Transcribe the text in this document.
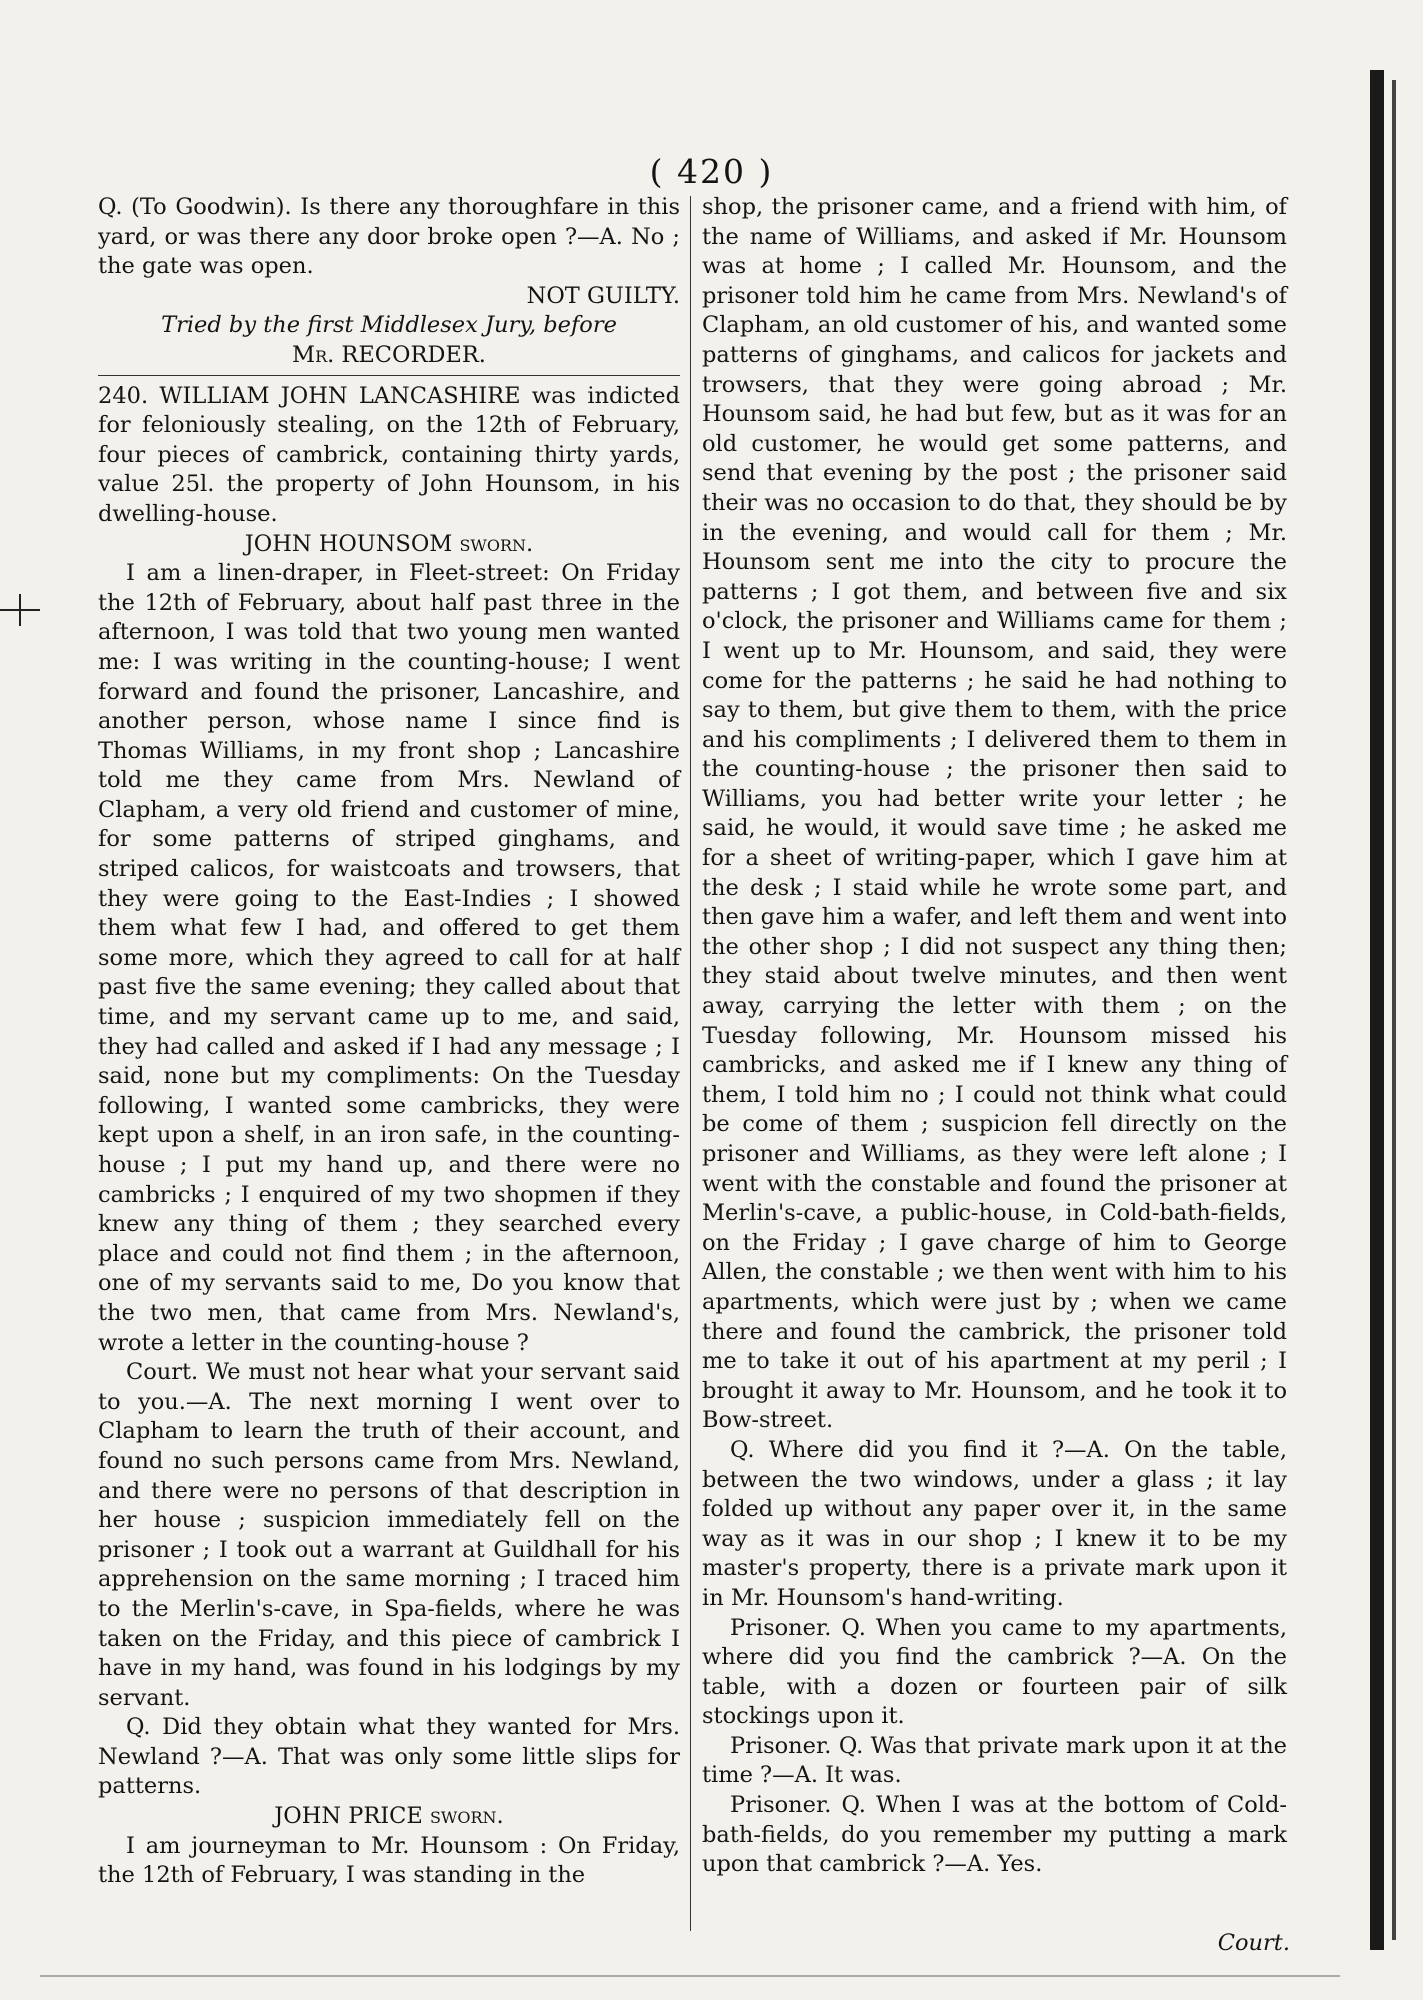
( 420 )

Q. (To Goodwin). Is there any thoroughfare in this yard, or was there any door broke open ?—A. No ; the gate was open.

NOT GUILTY.

Tried by the first Middlesex Jury, before

Mr. RECORDER.

240. WILLIAM JOHN LANCASHIRE was indicted for feloniously stealing, on the 12th of February, four pieces of cambrick, containing thirty yards, value 25l. the property of John Hounsom, in his dwelling-house.

JOHN HOUNSOM sworn.

I am a linen-draper, in Fleet-street: On Friday the 12th of February, about half past three in the afternoon, I was told that two young men wanted me: I was writing in the counting-house; I went forward and found the prisoner, Lancashire, and another person, whose name I since find is Thomas Williams, in my front shop ; Lancashire told me they came from Mrs. Newland of Clapham, a very old friend and customer of mine, for some patterns of striped ginghams, and striped calicos, for waistcoats and trowsers, that they were going to the East-Indies ; I showed them what few I had, and offered to get them some more, which they agreed to call for at half past five the same evening; they called about that time, and my servant came up to me, and said, they had called and asked if I had any message ; I said, none but my compliments: On the Tuesday following, I wanted some cambricks, they were kept upon a shelf, in an iron safe, in the counting-house ; I put my hand up, and there were no cambricks ; I enquired of my two shopmen if they knew any thing of them ; they searched every place and could not find them ; in the afternoon, one of my servants said to me, Do you know that the two men, that came from Mrs. Newland's, wrote a letter in the counting-house ?

Court. We must not hear what your servant said to you.—A. The next morning I went over to Clapham to learn the truth of their account, and found no such persons came from Mrs. Newland, and there were no persons of that description in her house ; suspicion immediately fell on the prisoner ; I took out a warrant at Guildhall for his apprehension on the same morning ; I traced him to the Merlin's-cave, in Spa-fields, where he was taken on the Friday, and this piece of cambrick I have in my hand, was found in his lodgings by my servant.

Q. Did they obtain what they wanted for Mrs. Newland ?—A. That was only some little slips for patterns.

JOHN PRICE sworn.

I am journeyman to Mr. Hounsom : On Friday, the 12th of February, I was standing in the

shop, the prisoner came, and a friend with him, of the name of Williams, and asked if Mr. Hounsom was at home ; I called Mr. Hounsom, and the prisoner told him he came from Mrs. Newland's of Clapham, an old customer of his, and wanted some patterns of ginghams, and calicos for jackets and trowsers, that they were going abroad ; Mr. Hounsom said, he had but few, but as it was for an old customer, he would get some patterns, and send that evening by the post ; the prisoner said their was no occasion to do that, they should be by in the evening, and would call for them ; Mr. Hounsom sent me into the city to procure the patterns ; I got them, and between five and six o'clock, the prisoner and Williams came for them ; I went up to Mr. Hounsom, and said, they were come for the patterns ; he said he had nothing to say to them, but give them to them, with the price and his compliments ; I delivered them to them in the counting-house ; the prisoner then said to Williams, you had better write your letter ; he said, he would, it would save time ; he asked me for a sheet of writing-paper, which I gave him at the desk ; I staid while he wrote some part, and then gave him a wafer, and left them and went into the other shop ; I did not suspect any thing then; they staid about twelve minutes, and then went away, carrying the letter with them ; on the Tuesday following, Mr. Hounsom missed his cambricks, and asked me if I knew any thing of them, I told him no ; I could not think what could be come of them ; suspicion fell directly on the prisoner and Williams, as they were left alone ; I went with the constable and found the prisoner at Merlin's-cave, a public-house, in Cold-bath-fields, on the Friday ; I gave charge of him to George Allen, the constable ; we then went with him to his apartments, which were just by ; when we came there and found the cambrick, the prisoner told me to take it out of his apartment at my peril ; I brought it away to Mr. Hounsom, and he took it to Bow-street.

Q. Where did you find it ?—A. On the table, between the two windows, under a glass ; it lay folded up without any paper over it, in the same way as it was in our shop ; I knew it to be my master's property, there is a private mark upon it in Mr. Hounsom's hand-writing.

Prisoner. Q. When you came to my apartments, where did you find the cambrick ?—A. On the table, with a dozen or fourteen pair of silk stockings upon it.

Prisoner. Q. Was that private mark upon it at the time ?—A. It was.

Prisoner. Q. When I was at the bottom of Cold-bath-fields, do you remember my putting a mark upon that cambrick ?—A. Yes.

Court.
